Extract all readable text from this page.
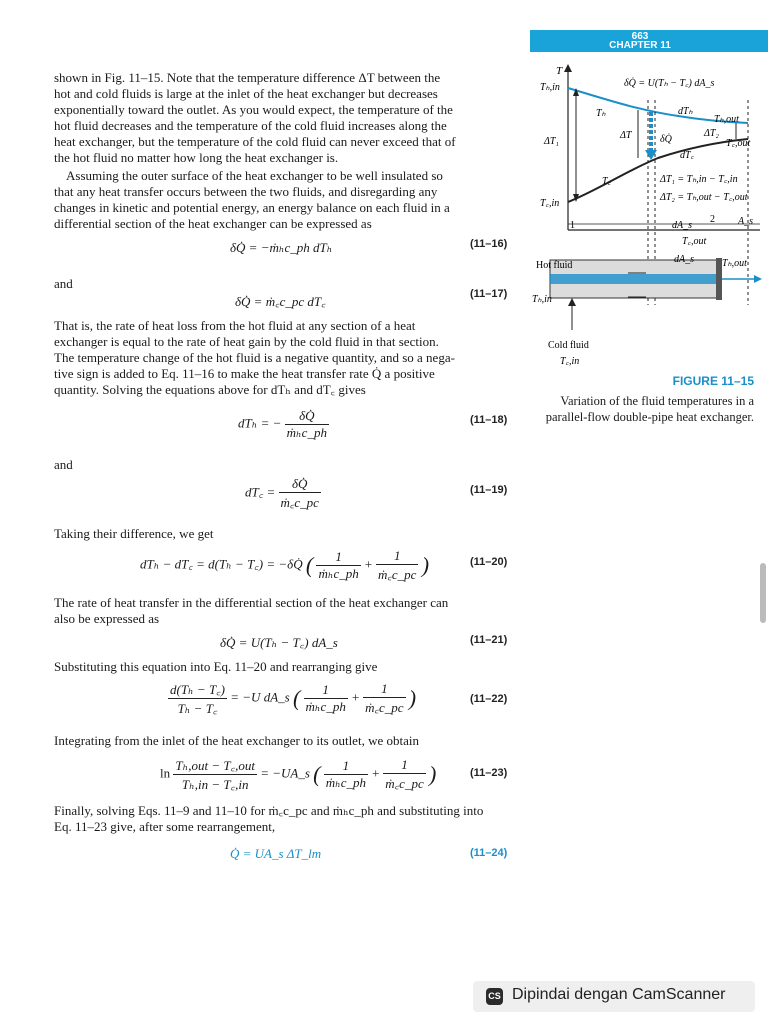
663
CHAPTER 11
shown in Fig. 11–15. Note that the temperature difference ΔT between the
hot and cold fluids is large at the inlet of the heat exchanger but decreases
exponentially toward the outlet. As you would expect, the temperature of the
hot fluid decreases and the temperature of the cold fluid increases along the
heat exchanger, but the temperature of the cold fluid can never exceed that of
the hot fluid no matter how long the heat exchanger is.
Assuming the outer surface of the heat exchanger to be well insulated so
that any heat transfer occurs between the two fluids, and disregarding any
changes in kinetic and potential energy, an energy balance on each fluid in a
differential section of the heat exchanger can be expressed as
δQ̇ = −ṁₕc_ph dTₕ	(11–16)
and
δQ̇ = ṁ꜀c_pc dT꜀	(11–17)
That is, the rate of heat loss from the hot fluid at any section of a heat
exchanger is equal to the rate of heat gain by the cold fluid in that section.
The temperature change of the hot fluid is a negative quantity, and so a nega-
tive sign is added to Eq. 11–16 to make the heat transfer rate Q̇ a positive
quantity. Solving the equations above for dTₕ and dT꜀ gives
dTₕ = − $\frac{\delta Q̇}{\text{ṁₕc\_ph}}$	(11–18)
and
dT꜀ = $\frac{\delta Q̇}{\text{ṁ꜀c\_pc}}$	(11–19)
Taking their difference, we get
dTₕ − dT꜀ = d(Tₕ − T꜀) = −δQ̇ ( $\frac{1}{\text{ṁₕc\_ph}} + \frac{1}{\text{ṁ꜀c\_pc}}$ )	(11–20)
The rate of heat transfer in the differential section of the heat exchanger can
also be expressed as
δQ̇ = U(Tₕ − T꜀) dA_s	(11–21)
Substituting this equation into Eq. 11–20 and rearranging give
$\frac{\text{d(Tₕ − T꜀)}}{\text{Tₕ − T꜀}} = -U$ dA_s ( $\frac{1}{\text{ṁₕc\_ph}} + \frac{1}{\text{ṁ꜀c\_pc}}$ )	(11–22)
Integrating from the inlet of the heat exchanger to its outlet, we obtain
$\ln \frac{\text{Tₕ,out − T꜀,out}}{\text{Tₕ,in − T꜀,in}}$ = −UA_s ( $\frac{1}{\text{ṁₕc\_ph}} + \frac{1}{\text{ṁ꜀c\_pc}}$ )	(11–23)
Finally, solving Eqs. 11–9 and 11–10 for ṁ꜀c_pc and ṁₕc_ph and substituting into
Eq. 11–23 give, after some rearrangement,
Q̇ = UA_s ΔT_lm	(11–24)
T
Tₕ,in	δQ̇ = U(Tₕ − T꜀) dA_s
Tₕ	dTₕ
Tₕ,out
ΔT₂
T꜀,out
ΔT₁
ΔT	δQ̇
dT꜀
T꜀	ΔT₁ = Tₕ,in − T꜀,in
ΔT₂ = Tₕ,out − T꜀,out
T꜀,in
1
2 A_s
dA_s
T꜀,out
dA_s
Hot fluid
Tₕ,in
Tₕ,out
Cold fluid
T꜀,in
FIGURE 11–15
Variation of the fluid temperatures in a parallel-flow double-pipe heat exchanger.
CS Dipindai dengan CamScanner
